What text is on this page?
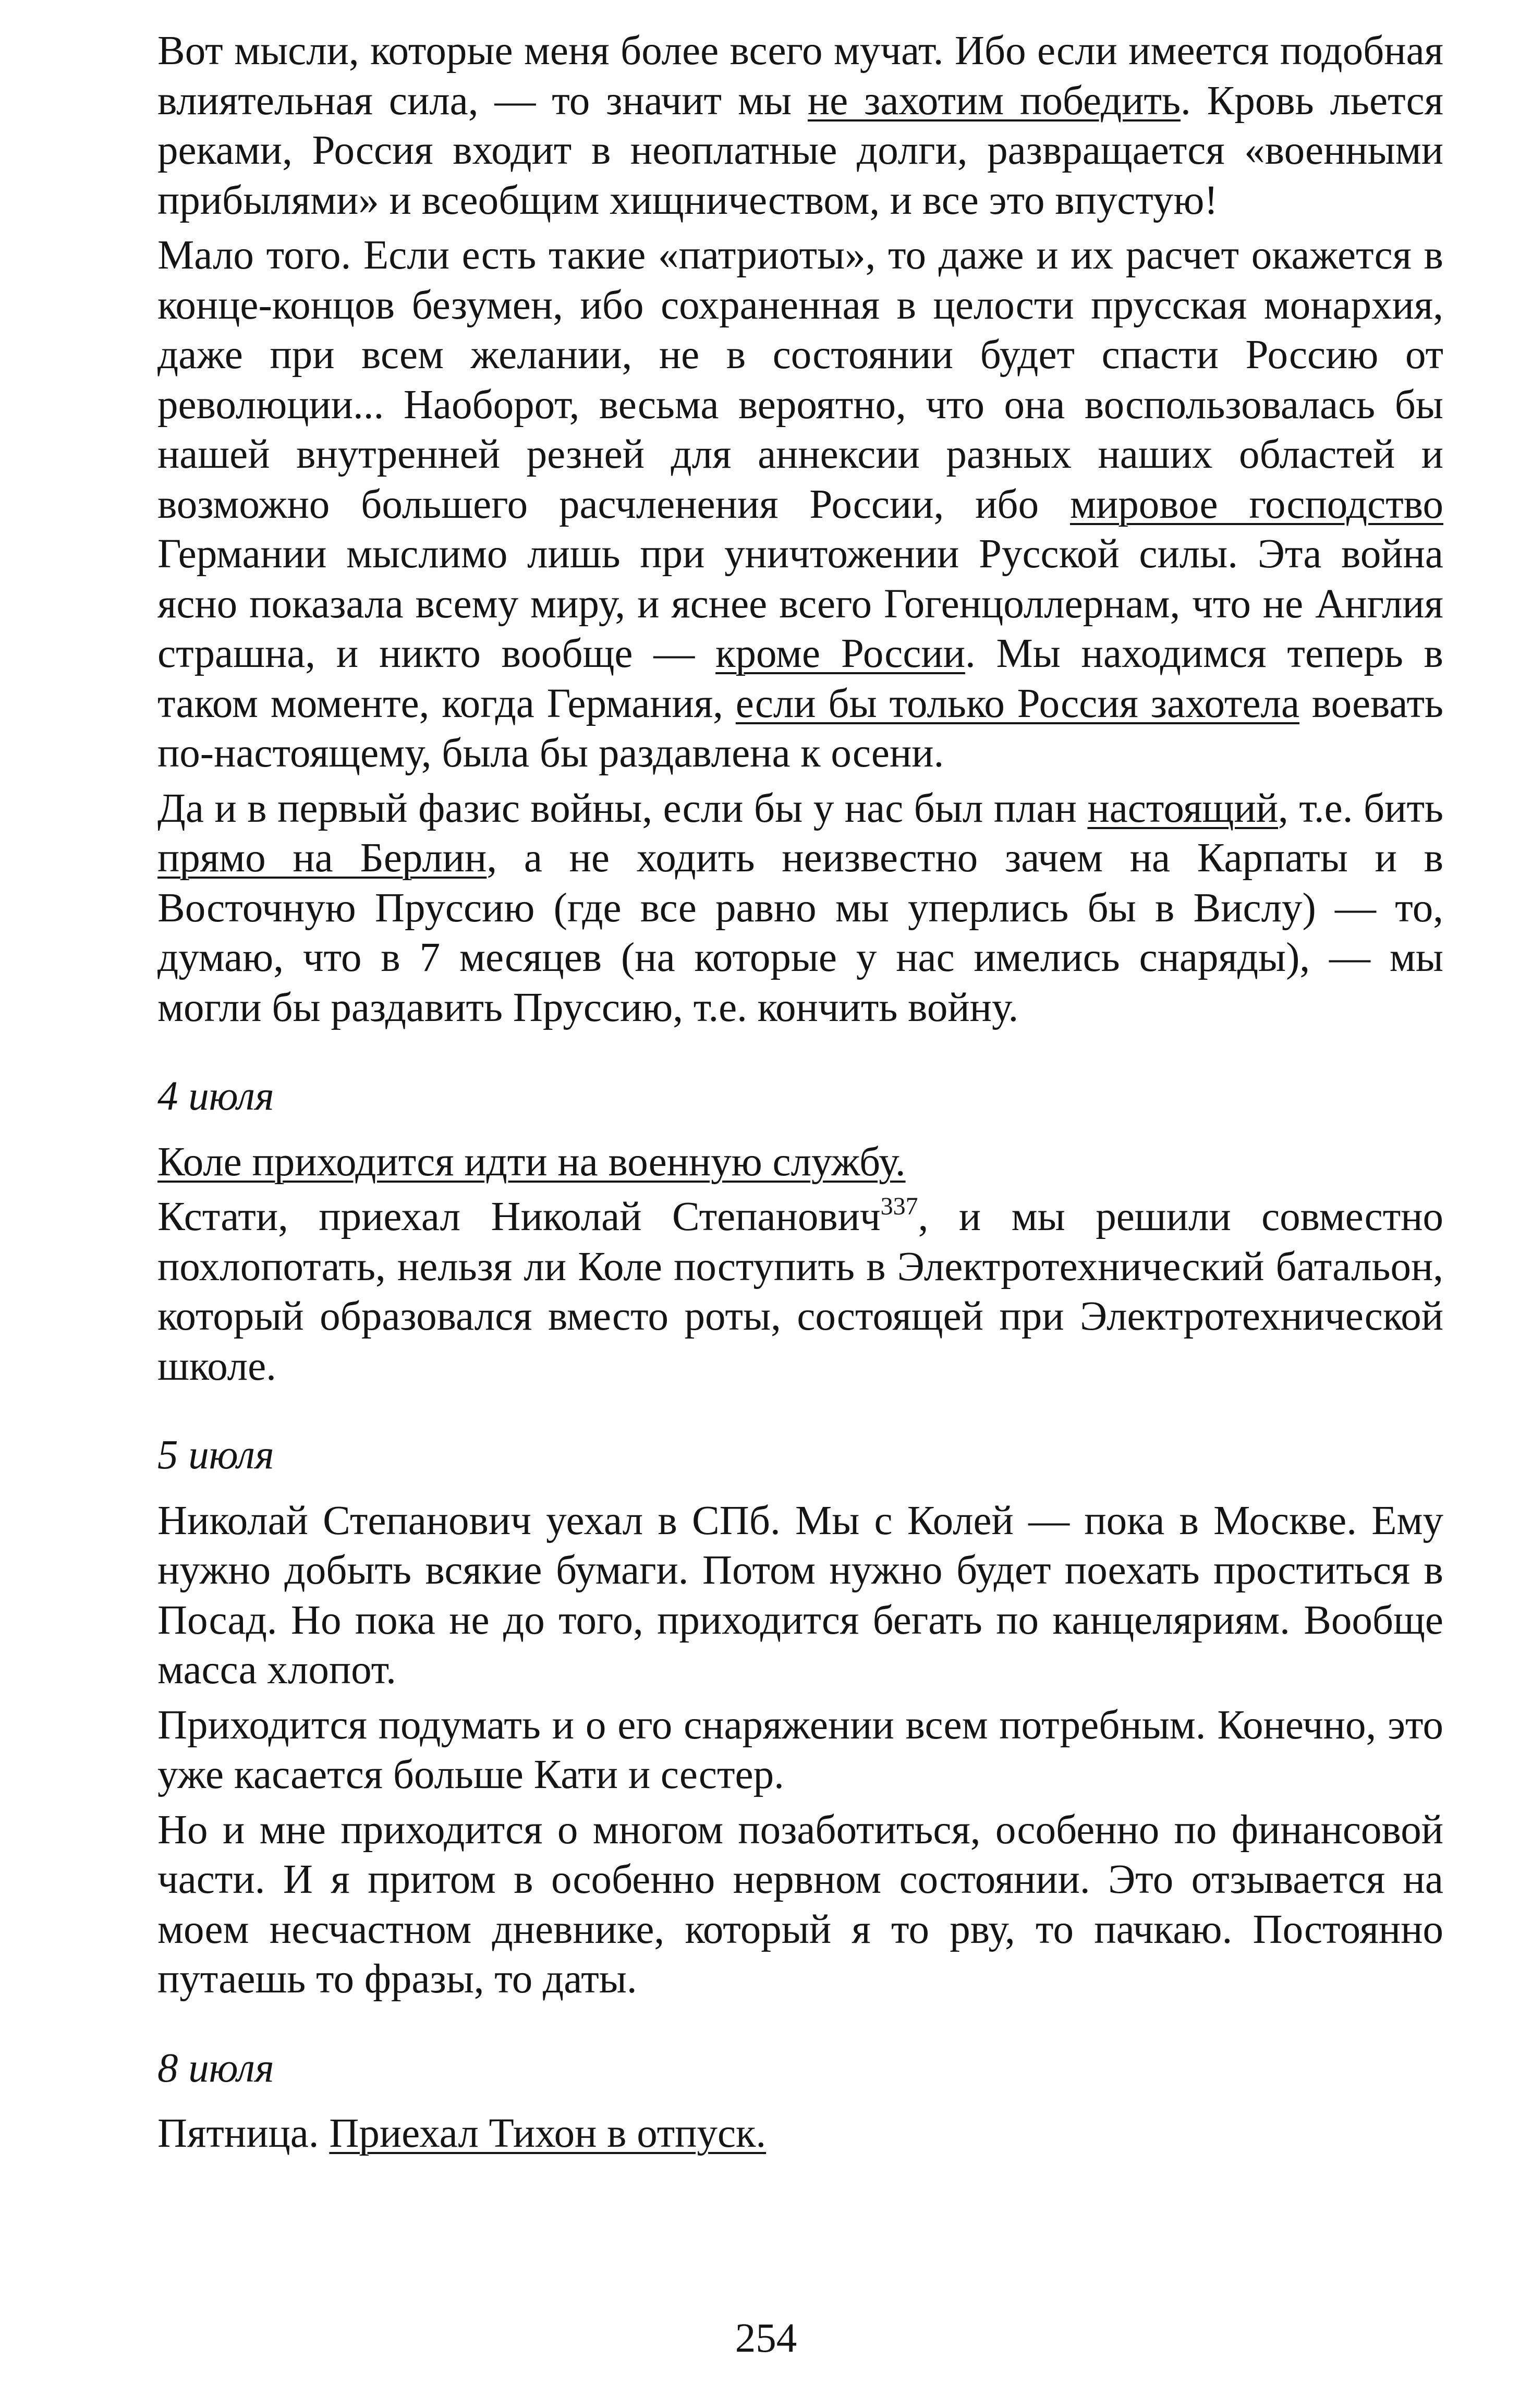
Вот мысли, которые меня более всего мучат. Ибо если имеется подобная влиятельная сила, — то значит мы не захотим победить. Кровь льется реками, Россия входит в неоплатные долги, развращается «военными прибылями» и всеобщим хищничеством, и все это впустую!

Мало того. Если есть такие «патриоты», то даже и их расчет окажется в конце-концов безумен, ибо сохраненная в целости прусская монархия, даже при всем желании, не в состоянии будет спасти Россию от революции... Наоборот, весьма вероятно, что она воспользовалась бы нашей внутренней резней для аннексии разных наших областей и возможно большего расчленения России, ибо мировое господство Германии мыслимо лишь при уничтожении Русской силы. Эта война ясно показала всему миру, и яснее всего Гогенцоллернам, что не Англия страшна, и никто вообще — кроме России. Мы находимся теперь в таком моменте, когда Германия, если бы только Россия захотела воевать по-настоящему, была бы раздавлена к осени.

Да и в первый фазис войны, если бы у нас был план настоящий, т.е. бить прямо на Берлин, а не ходить неизвестно зачем на Карпаты и в Восточную Пруссию (где все равно мы уперлись бы в Вислу) — то, думаю, что в 7 месяцев (на которые у нас имелись снаряды), — мы могли бы раздавить Пруссию, т.е. кончить войну.

4 июля

Коле приходится идти на военную службу.

Кстати, приехал Николай Степанович$^{337}$, и мы решили совместно похлопотать, нельзя ли Коле поступить в Электротехнический батальон, который образовался вместо роты, состоящей при Электротехнической школе.

5 июля

Николай Степанович уехал в СПб. Мы с Колей — пока в Москве. Ему нужно добыть всякие бумаги. Потом нужно будет поехать проститься в Посад. Но пока не до того, приходится бегать по канцеляриям. Вообще масса хлопот.

Приходится подумать и о его снаряжении всем потребным. Конечно, это уже касается больше Кати и сестер.

Но и мне приходится о многом позаботиться, особенно по финансовой части. И я притом в особенно нервном состоянии. Это отзывается на моем несчастном дневнике, который я то рву, то пачкаю. Постоянно путаешь то фразы, то даты.

8 июля

Пятница. Приехал Тихон в отпуск.

254
